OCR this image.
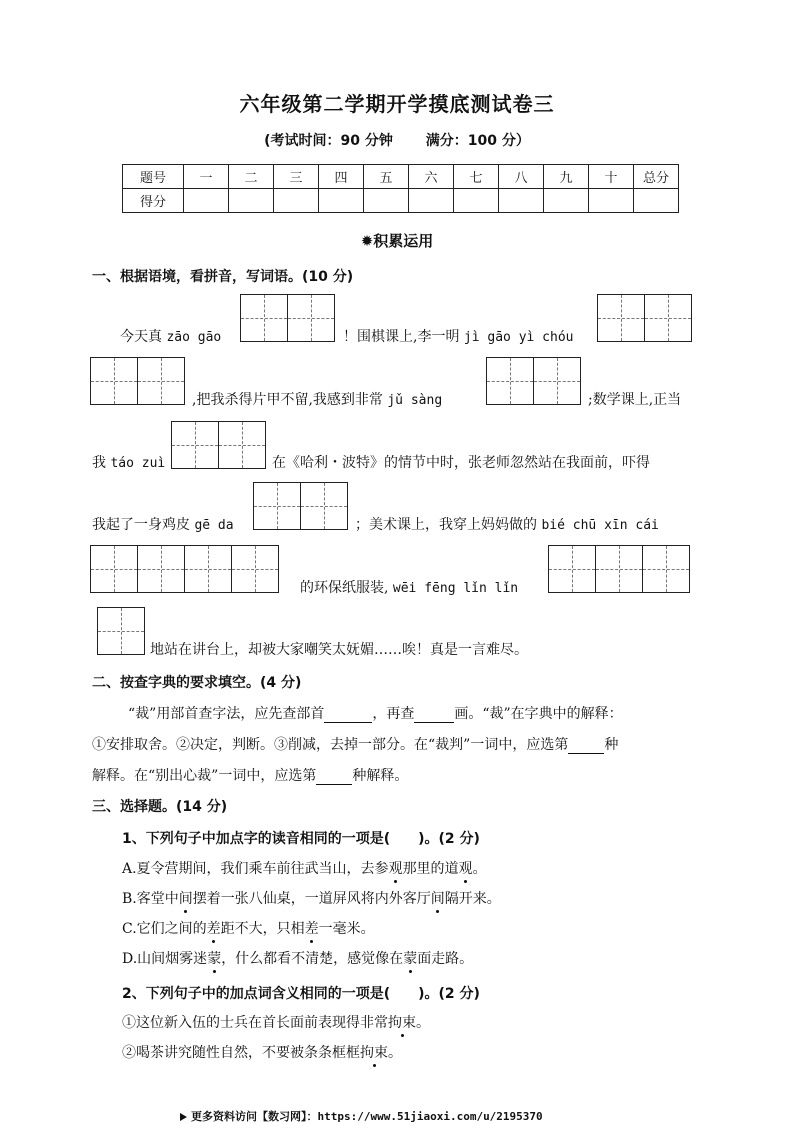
六年级第二学期开学摸底测试卷三
(考试时间：90 分钟 满分：100 分）
题号	一	二	三	四	五	六	七	八	九	十	总分
得分											
✹积累运用
一、根据语境，看拼音，写词语。(10 分)
今天真 zāo gāo	！围棋课上,李一明 jì gāo yì chóu
,把我杀得片甲不留,我感到非常 jǔ sàng	;数学课上,正当
我 táo zuì	在《哈利・波特》的情节中时，张老师忽然站在我面前，吓得
我起了一身鸡皮 gē da	；美术课上，我穿上妈妈做的 bié chū xīn cái
的环保纸服装, wēi fēng lǐn lǐn
地站在讲台上，却被大家嘲笑太妩媚……唉！真是一言难尽。
二、按查字典的要求填空。(4 分)
“裁”用部首查字法，应先查部首	，再查	画。“裁”在字典中的解释：
①安排取舍。②决定，判断。③削减，去掉一部分。在“裁判”一词中，应选第	种
解释。在“别出心裁”一词中，应选第	种解释。
三、选择题。(14 分)
1、下列句子中加点字的读音相同的一项是(　　)。(2 分)
A.夏令营期间，我们乘车前往武当山，去参观那里的道观。
B.客堂中间摆着一张八仙桌，一道屏风将内外客厅间隔开来。
C.它们之间的差距不大，只相差一毫米。
D.山间烟雾迷蒙，什么都看不清楚，感觉像在蒙面走路。
2、下列句子中的加点词含义相同的一项是(　　)。(2 分)
①这位新入伍的士兵在首长面前表现得非常拘束。
②喝茶讲究随性自然，不要被条条框框拘束。
更多资料访问【数习网】：https://www.51jiaoxi.com/u/2195370
